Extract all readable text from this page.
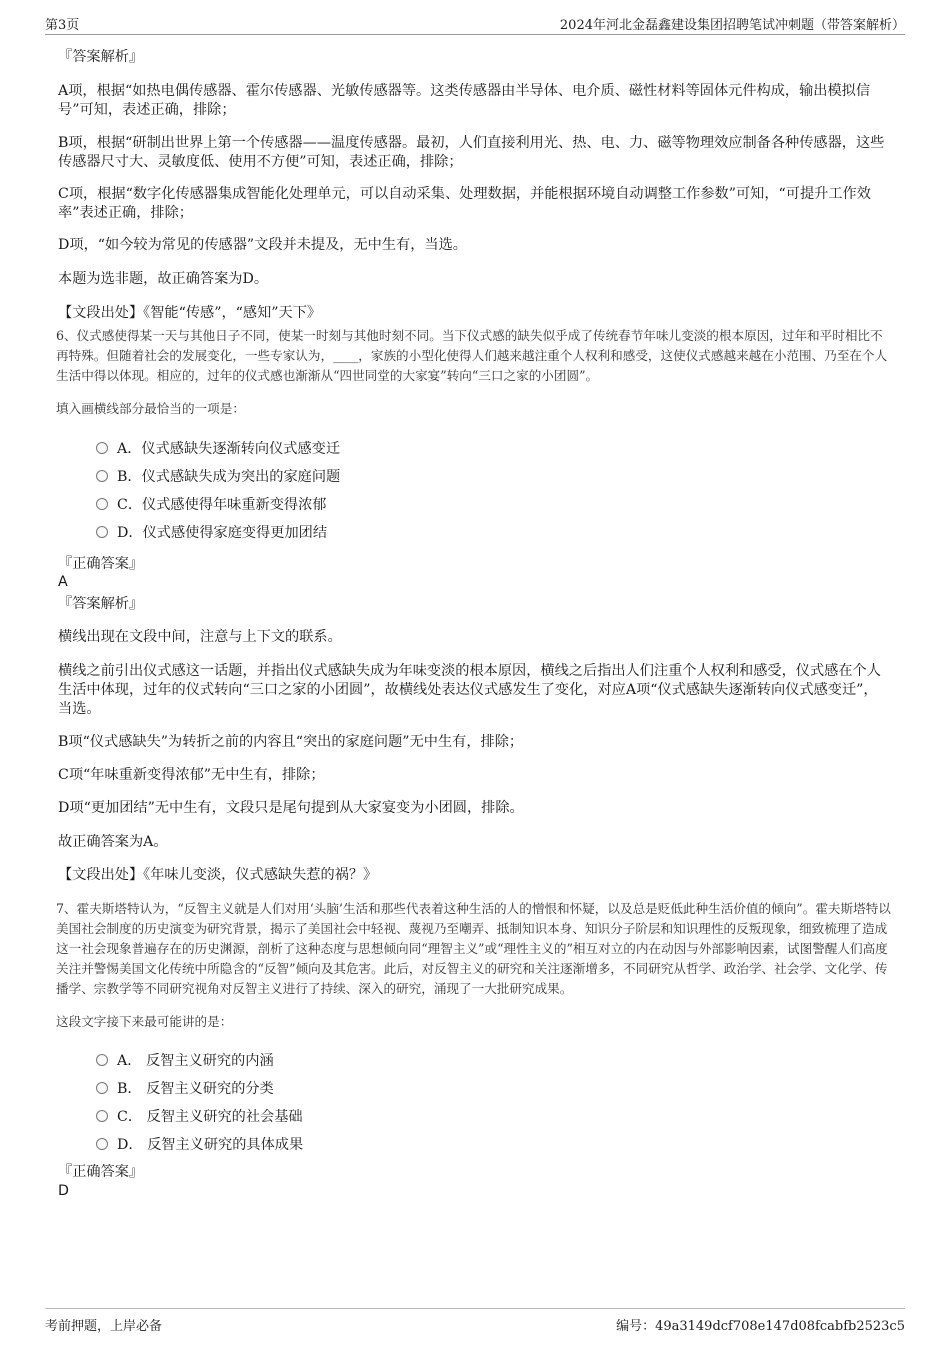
第3页	2024年河北金磊鑫建设集团招聘笔试冲刺题（带答案解析）
『答案解析』
A项，根据“如热电偶传感器、霍尔传感器、光敏传感器等。这类传感器由半导体、电介质、磁性材料等固体元件构成，输出模拟信号”可知，表述正确，排除；
B项，根据“研制出世界上第一个传感器——温度传感器。最初，人们直接利用光、热、电、力、磁等物理效应制备各种传感器，这些传感器尺寸大、灵敏度低、使用不方便”可知，表述正确，排除；
C项，根据“数字化传感器集成智能化处理单元，可以自动采集、处理数据，并能根据环境自动调整工作参数”可知，“可提升工作效率”表述正确，排除；
D项，“如今较为常见的传感器”文段并未提及，无中生有，当选。
本题为选非题，故正确答案为D。
【文段出处】《智能“传感”，“感知”天下》
6、仪式感使得某一天与其他日子不同，使某一时刻与其他时刻不同。当下仪式感的缺失似乎成了传统春节年味儿变淡的根本原因，过年和平时相比不再特殊。但随着社会的发展变化，一些专家认为，____，家族的小型化使得人们越来越注重个人权利和感受，这使仪式感越来越在小范围、乃至在个人生活中得以体现。相应的，过年的仪式感也渐渐从“四世同堂的大家宴”转向“三口之家的小团圆”。
填入画横线部分最恰当的一项是：
A．仪式感缺失逐渐转向仪式感变迁
B．仪式感缺失成为突出的家庭问题
C．仪式感使得年味重新变得浓郁
D．仪式感使得家庭变得更加团结
『正确答案』
A
『答案解析』
横线出现在文段中间，注意与上下文的联系。
横线之前引出仪式感这一话题，并指出仪式感缺失成为年味变淡的根本原因，横线之后指出人们注重个人权利和感受，仪式感在个人生活中体现，过年的仪式转向“三口之家的小团圆”，故横线处表达仪式感发生了变化，对应A项“仪式感缺失逐渐转向仪式感变迁”，当选。
B项“仪式感缺失”为转折之前的内容且“突出的家庭问题”无中生有，排除；
C项“年味重新变得浓郁”无中生有，排除；
D项“更加团结”无中生有，文段只是尾句提到从大家宴变为小团圆，排除。
故正确答案为A。
【文段出处】《年味儿变淡，仪式感缺失惹的祸？》
7、霍夫斯塔特认为，“反智主义就是人们对用‘头脑’生活和那些代表着这种生活的人的憎恨和怀疑，以及总是贬低此种生活价值的倾向”。霍夫斯塔特以美国社会制度的历史演变为研究背景，揭示了美国社会中轻视、蔑视乃至嘲弄、抵制知识本身、知识分子阶层和知识理性的反叛现象，细致梳理了造成这一社会现象普遍存在的历史渊源，剖析了这种态度与思想倾向同“理智主义”或“理性主义的”相互对立的内在动因与外部影响因素，试图警醒人们高度关注并警惕美国文化传统中所隐含的“反智”倾向及其危害。此后，对反智主义的研究和关注逐渐增多，不同研究从哲学、政治学、社会学、文化学、传播学、宗教学等不同研究视角对反智主义进行了持续、深入的研究，涌现了一大批研究成果。
这段文字接下来最可能讲的是：
A． 反智主义研究的内涵
B． 反智主义研究的分类
C． 反智主义研究的社会基础
D． 反智主义研究的具体成果
『正确答案』
D
考前押题，上岸必备	编号：49a3149dcf708e147d08fcabfb2523c5
